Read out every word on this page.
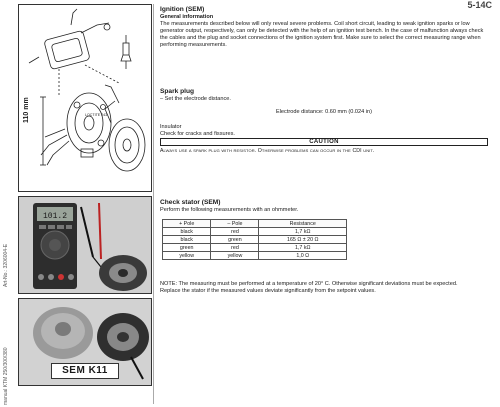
5-14C
manual KTM 250/300/380Art-No.: 3206004-E
110 mm	LOCTITE 243
101.2
SEM K11
Ignition (SEM)
General information
The measurements described below will only reveal severe problems. Coil short circuit, leading to weak ignition sparks or low generator output, respectively, can only be detected with the help of an ignition test bench. In the case of malfunction always check the cables and the plug and socket connections of the ignition system first. Make sure to select the correct measuring range when performing measurements.
Spark plug
– Set the electrode distance.
Electrode distance: 0.60 mm (0.024 in)
Insulator
Check for cracks and fissures.
CAUTION
Always use a spark plug with resistor. Otherwise problems can occur in the CDI unit.
Check stator (SEM)
Perform the following measurements with an ohmmeter.
+ Pole	– Pole	Resistance
black	red	1,7 kΩ
black	green	165 Ω ± 20 Ω
green	red	1,7 kΩ
yellow	yellow	1,0 Ω
NOTE: The measuring must be performed at a temperature of 20° C. Otherwise significant deviations must be expected.
Replace the stator if the measured values deviate significantly from the setpoint values.
